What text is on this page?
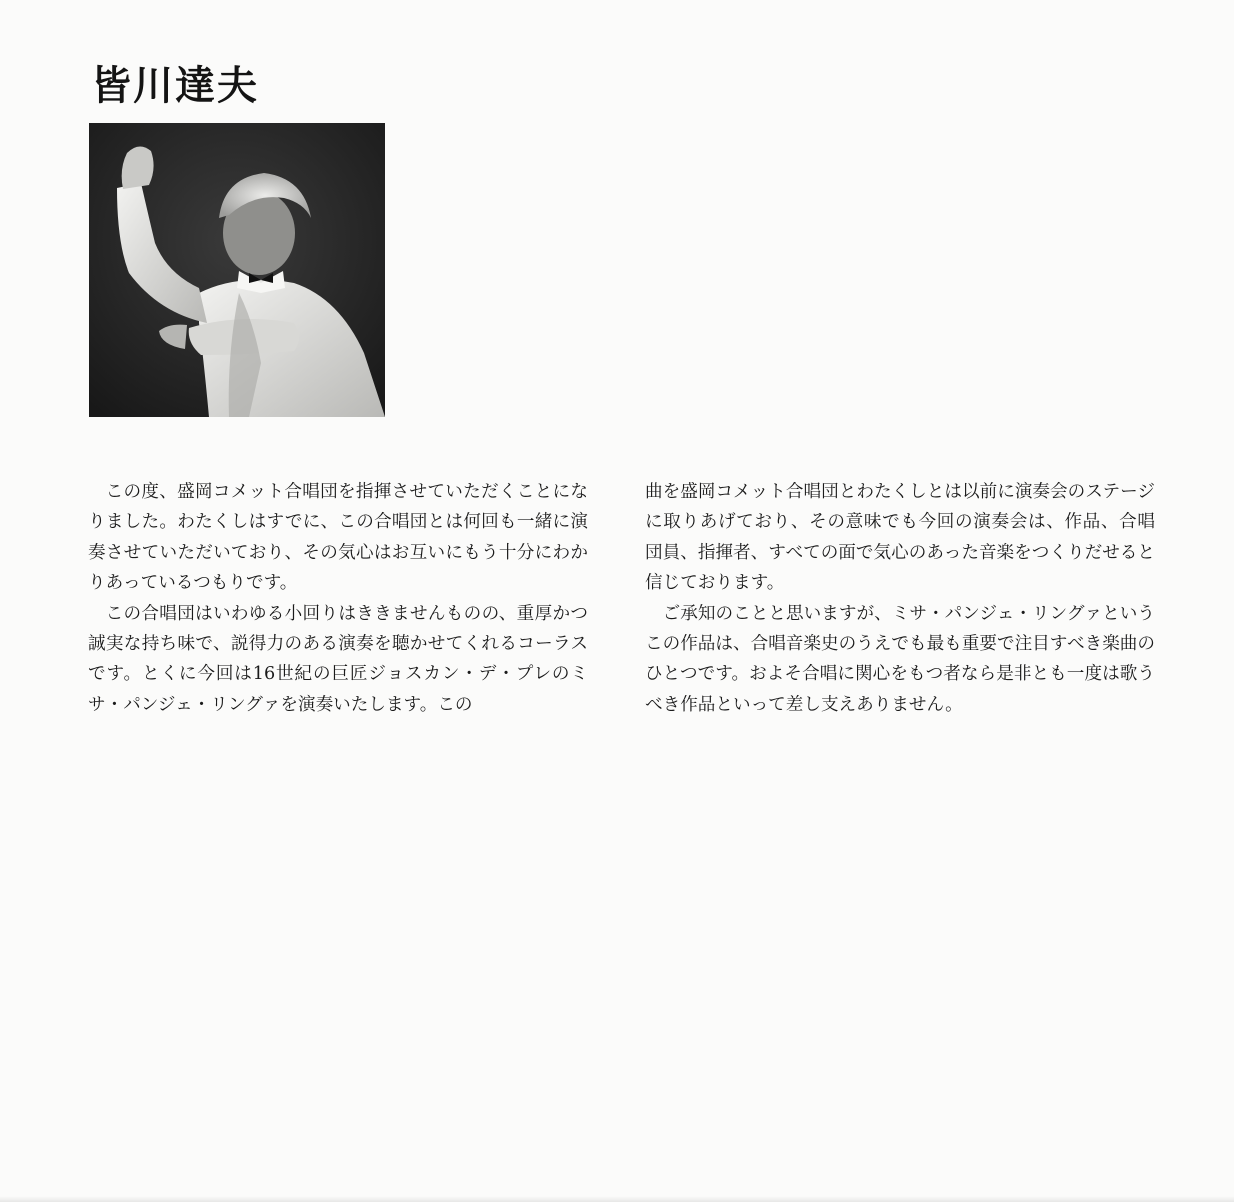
皆川達夫

この度、盛岡コメット合唱団を指揮させていただくことになりました。わたくしはすでに、この合唱団とは何回も一緒に演奏させていただいており、その気心はお互いにもう十分にわかりあっているつもりです。

この合唱団はいわゆる小回りはききませんものの、重厚かつ誠実な持ち味で、説得力のある演奏を聴かせてくれるコーラスです。とくに今回は16世紀の巨匠ジョスカン・デ・プレのミサ・パンジェ・リングァを演奏いたします。この

曲を盛岡コメット合唱団とわたくしとは以前に演奏会のステージに取りあげており、その意味でも今回の演奏会は、作品、合唱団員、指揮者、すべての面で気心のあった音楽をつくりだせると信じております。

ご承知のことと思いますが、ミサ・パンジェ・リングァというこの作品は、合唱音楽史のうえでも最も重要で注目すべき楽曲のひとつです。およそ合唱に関心をもつ者なら是非とも一度は歌うべき作品といって差し支えありません。
